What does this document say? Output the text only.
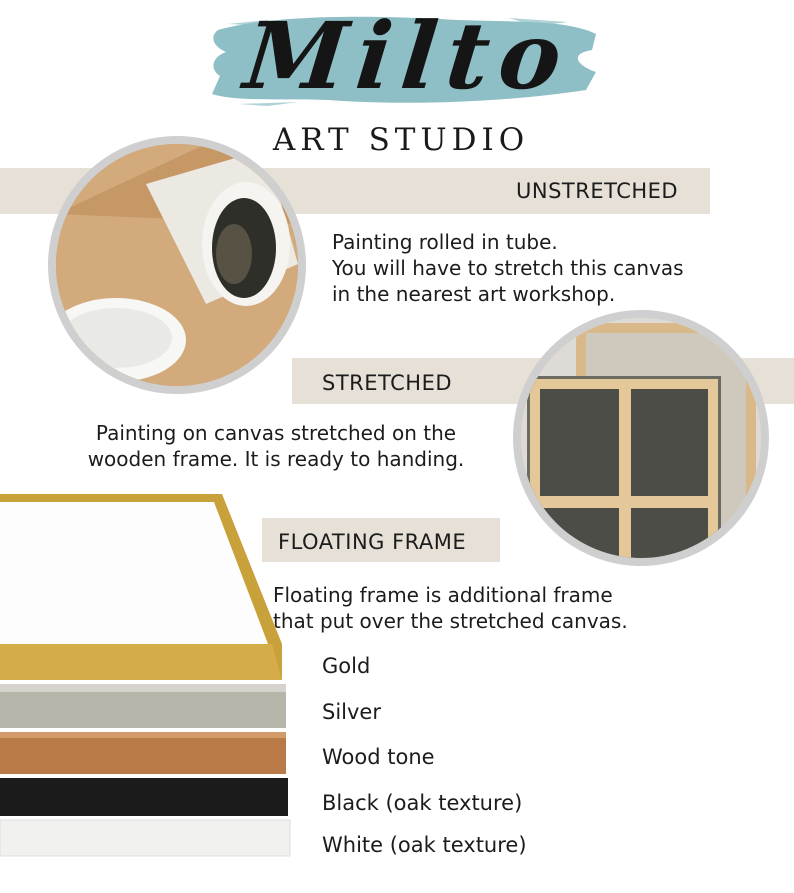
Milto
ART STUDIO
UNSTRETCHED
Painting rolled in tube.
You will have to stretch this canvas
in the nearest art workshop.
STRETCHED
Painting on canvas stretched on the
wooden frame. It is ready to handing.
FLOATING FRAME
Floating frame is additional frame
that put over the stretched canvas.
Gold
Silver
Wood tone
Black (oak texture)
White (oak texture)
